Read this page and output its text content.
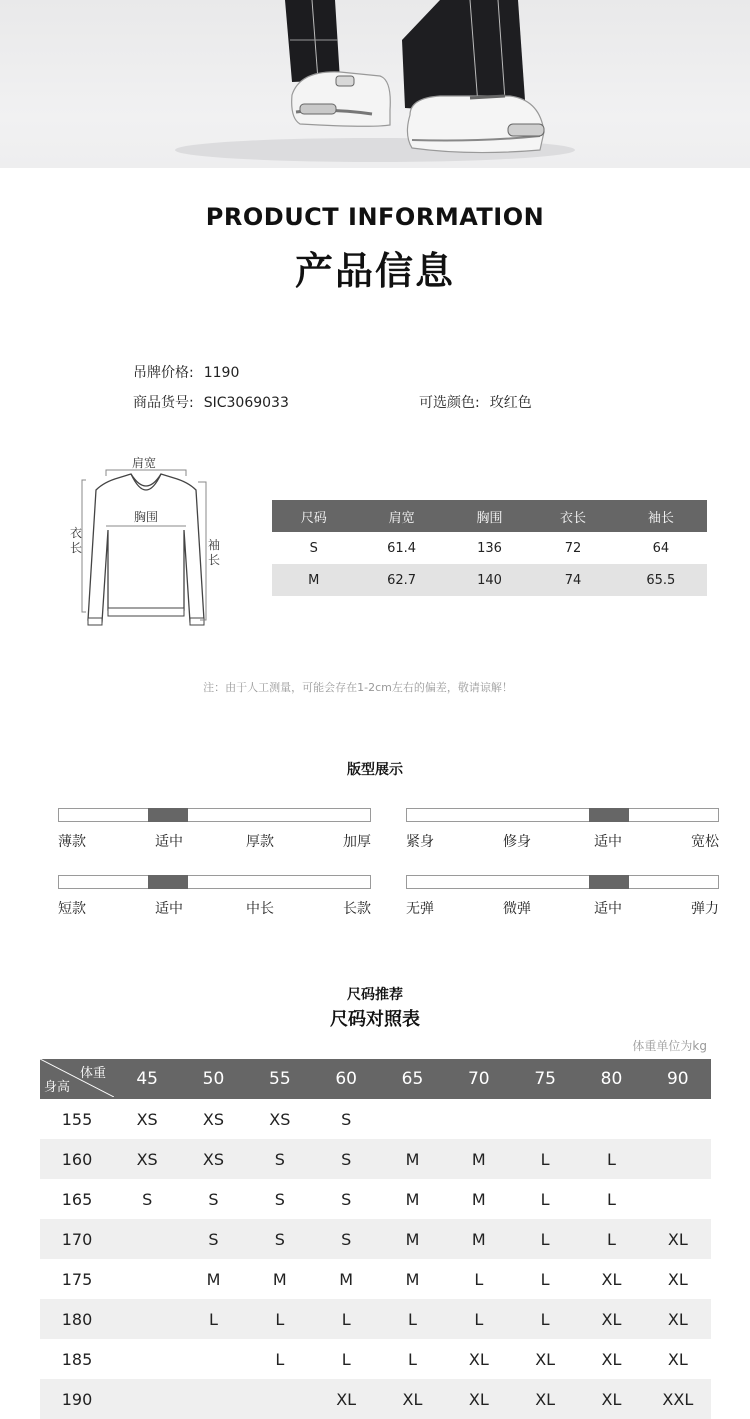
PRODUCT INFORMATION
产品信息
吊牌价格: 1190
商品货号: SIC3069033	可选颜色: 玫红色
肩宽
胸围
衣长	袖长
尺码	肩宽	胸围	衣长	袖长
S	61.4	136	72	64
M	62.7	140	74	65.5
注：由于人工测量，可能会存在1-2cm左右的偏差，敬请谅解！
版型展示
薄款	适中	厚款	加厚	紧身	修身	适中	宽松
短款	适中	中长	长款	无弹	微弹	适中	弹力
尺码推荐
尺码对照表
体重单位为kg
体重
身高	45	50	55	60	65	70	75	80	90
155	XS	XS	XS	S					
160	XS	XS	S	S	M	M	L	L	
165	S	S	S	S	M	M	L	L	
170		S	S	S	M	M	L	L	XL
175		M	M	M	M	L	L	XL	XL
180		L	L	L	L	L	L	XL	XL
185			L	L	L	XL	XL	XL	XL
190				XL	XL	XL	XL	XL	XXL
